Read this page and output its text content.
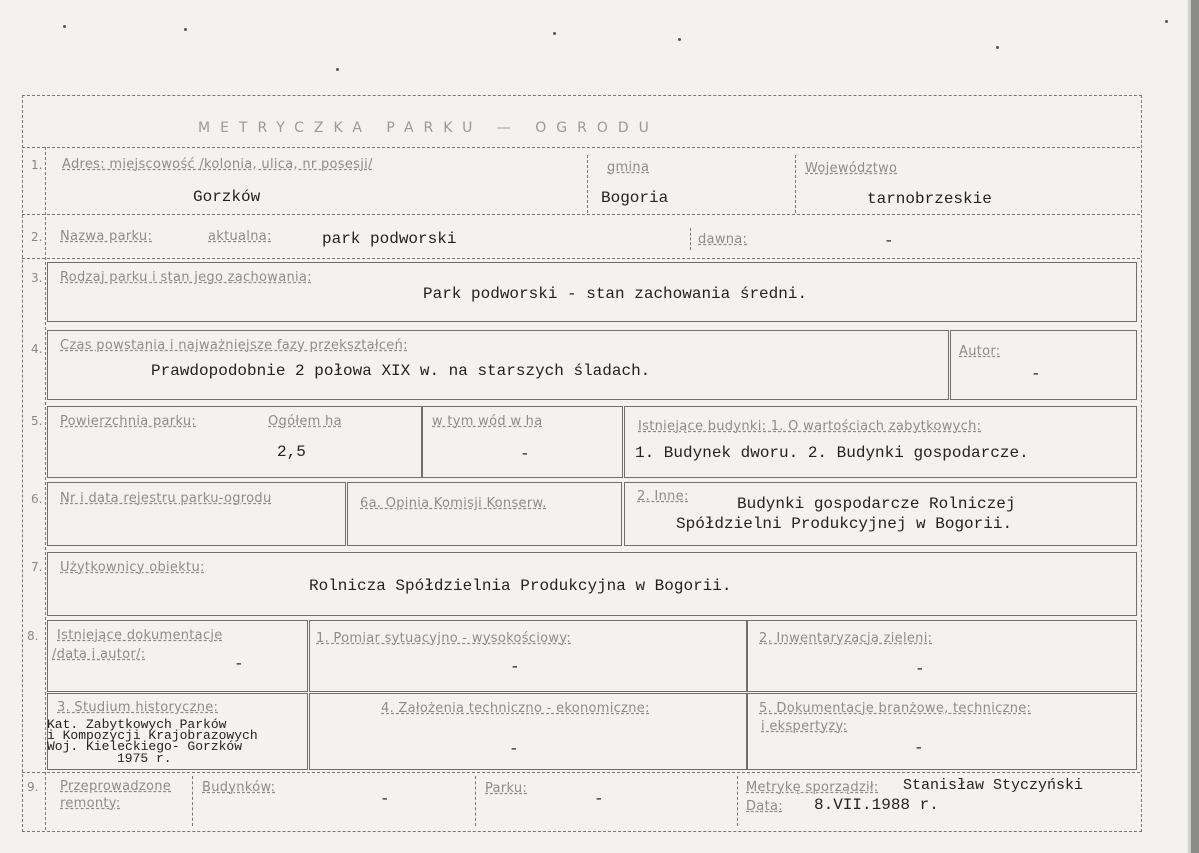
METRYCZKA PARKU — OGRODU
1. Adres: miejscowość /kolonia, ulica, nr posesji/
Gorzków
gmina
Bogoria
Województwo
tarnobrzeskie
2. Nazwa parku:	aktualna:	park podworski	dawna:	-
3. Rodzaj parku i stan jego zachowania:
Park podworski - stan zachowania średni.
4. Czas powstania i najważniejsze fazy przekształceń:
Prawdopodobnie 2 połowa XIX w. na starszych śladach.
Autor:
-
5. Powierzchnia parku:	Ogółem ha
2,5
w tym wód w ha
-
Istniejące budynki: 1. O wartościach zabytkowych:
1. Budynek dworu. 2. Budynki gospodarcze.
6. Nr i data rejestru parku-ogrodu	6a. Opinia Komisji Konserw.	2. Inne:	Budynki gospodarcze Rolniczej
Spółdzielni Produkcyjnej w Bogorii.
7. Użytkownicy obiektu:
Rolnicza Spółdzielnia Produkcyjna w Bogorii.
8. Istniejące dokumentacje
/data i autor/:
-
1. Pomiar sytuacyjno - wysokościowy:
-
2. Inwentaryzacja zieleni:
-
3. Studium historyczne:
Kat. Zabytkowych Parków
i Kompozycji Krajobrazowych
Woj. Kieleckiego- Gorzków
1975 r.
4. Założenia techniczno - ekonomiczne:
-
5. Dokumentacje branżowe, techniczne:
i ekspertyzy:
-
9. Przeprowadzone
remonty:
Budynków:
-
Parku:
-
Metrykę sporządził: Stanisław Styczyński
Data: 8.VII.1988 r.
